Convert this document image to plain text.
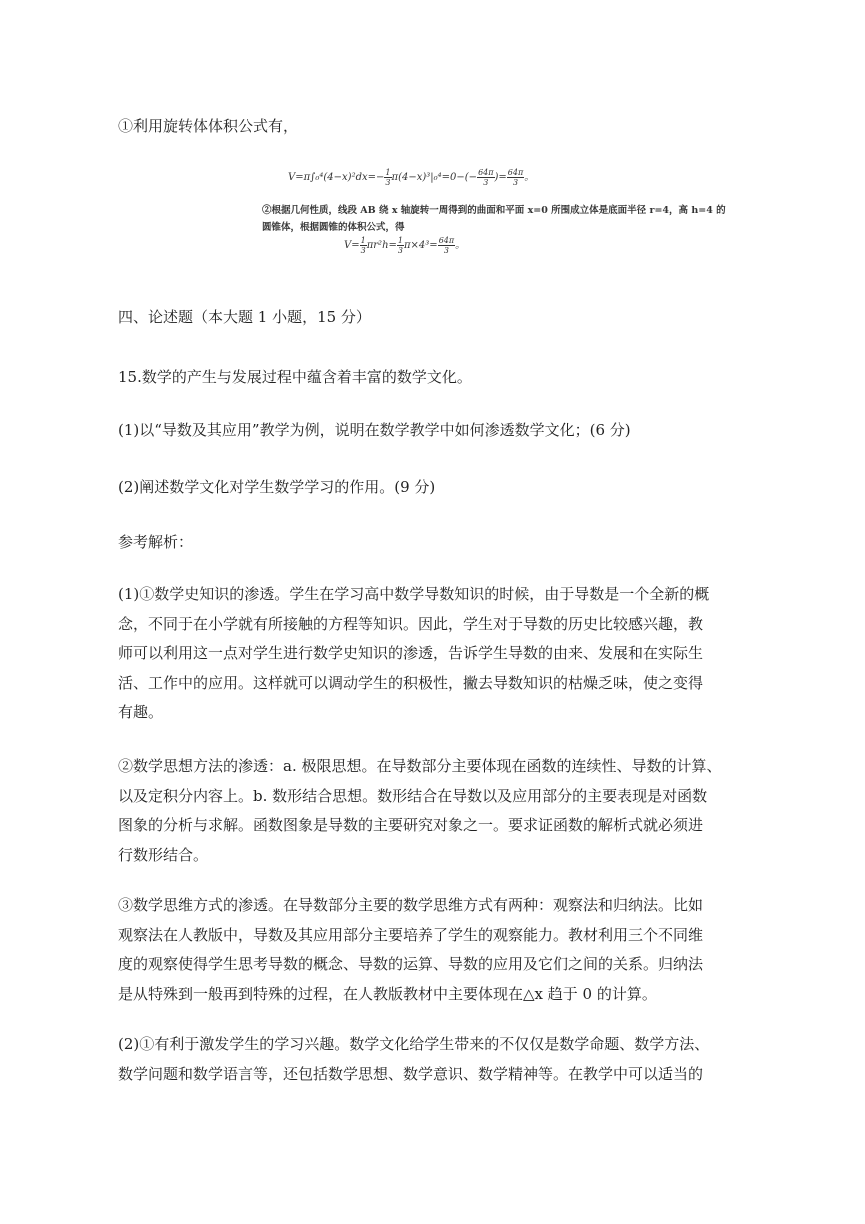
①利用旋转体体积公式有，
$V=\pi\int_0^4(4-x)^2dx=- \frac{1}{3} \pi(4-x)^3|_0^4=0-(- \frac{64\pi}{3}$ )= $\frac{64\pi}{3}$ 。
②根据几何性质，线段 AB 绕 x 轴旋转一周得到的曲面和平面 x=0 所围成立体是底面半径 r=4，高 h=4 的
圆锥体，根据圆锥的体积公式，得
$V= \frac{1}{3} \pi r^2h= \frac{1}{3} \pi\times 4^3= \frac{64\pi}{3}$ 。
四、论述题（本大题 1 小题，15 分）
15.数学的产生与发展过程中蕴含着丰富的数学文化。
(1)以“导数及其应用”教学为例，说明在数学教学中如何渗透数学文化；(6 分)
(2)阐述数学文化对学生数学学习的作用。(9 分)
参考解析：
(1)①数学史知识的渗透。学生在学习高中数学导数知识的时候，由于导数是一个全新的概
念，不同于在小学就有所接触的方程等知识。因此，学生对于导数的历史比较感兴趣，教
师可以利用这一点对学生进行数学史知识的渗透，告诉学生导数的由来、发展和在实际生
活、工作中的应用。这样就可以调动学生的积极性，撇去导数知识的枯燥乏味，使之变得
有趣。
②数学思想方法的渗透：a. 极限思想。在导数部分主要体现在函数的连续性、导数的计算、
以及定积分内容上。b. 数形结合思想。数形结合在导数以及应用部分的主要表现是对函数
图象的分析与求解。函数图象是导数的主要研究对象之一。要求证函数的解析式就必须进
行数形结合。
③数学思维方式的渗透。在导数部分主要的数学思维方式有两种：观察法和归纳法。比如
观察法在人教版中，导数及其应用部分主要培养了学生的观察能力。教材利用三个不同维
度的观察使得学生思考导数的概念、导数的运算、导数的应用及它们之间的关系。归纳法
是从特殊到一般再到特殊的过程，在人教版教材中主要体现在△x 趋于 0 的计算。
(2)①有利于激发学生的学习兴趣。数学文化给学生带来的不仅仅是数学命题、数学方法、
数学问题和数学语言等，还包括数学思想、数学意识、数学精神等。在教学中可以适当的
